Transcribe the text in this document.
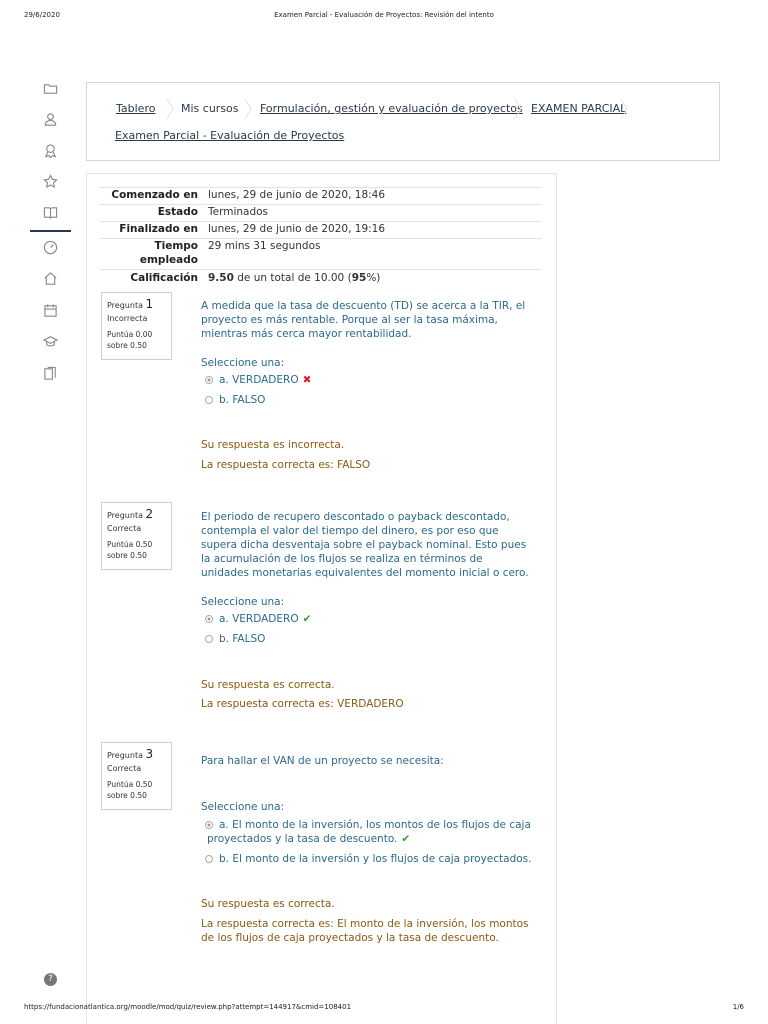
29/6/2020	Examen Parcial - Evaluación de Proyectos: Revisión del intento
Tablero Mis cursos Formulación, gestión y evaluación de proyectos EXAMEN PARCIAL
Examen Parcial - Evaluación de Proyectos
Comenzado en lunes, 29 de junio de 2020, 18:46
Estado Terminados
Finalizado en lunes, 29 de junio de 2020, 19:16
Tiempo
empleado
29 mins 31 segundos
Calificación 9.50 de un total de 10.00 (95%)
Pregunta 1
Incorrecta
Puntúa 0.00
sobre 0.50
A medida que la tasa de descuento (TD) se acerca a la TIR, el proyecto es más rentable. Porque al ser la tasa máxima, mientras más cerca mayor rentabilidad.
Seleccione una:
a. VERDADERO ✖
b. FALSO
Su respuesta es incorrecta.
La respuesta correcta es: FALSO
Pregunta 2
Correcta
Puntúa 0.50
sobre 0.50
El periodo de recupero descontado o payback descontado, contempla el valor del tiempo del dinero, es por eso que supera dicha desventaja sobre el payback nominal. Esto pues la acumulación de los flujos se realiza en términos de unidades monetarias equivalentes del momento inicial o cero.
Seleccione una:
a. VERDADERO ✔
b. FALSO
Su respuesta es correcta.
La respuesta correcta es: VERDADERO
Pregunta 3
Correcta
Puntúa 0.50
sobre 0.50
Para hallar el VAN de un proyecto se necesita:
Seleccione una:
a. El monto de la inversión, los montos de los flujos de caja
proyectados y la tasa de descuento. ✔
b. El monto de la inversión y los flujos de caja proyectados.
Su respuesta es correcta.
La respuesta correcta es: El monto de la inversión, los montos de los flujos de caja proyectados y la tasa de descuento.
?
https://fundacionatlantica.org/moodle/mod/quiz/review.php?attempt=144917&cmid=108401	1/6
